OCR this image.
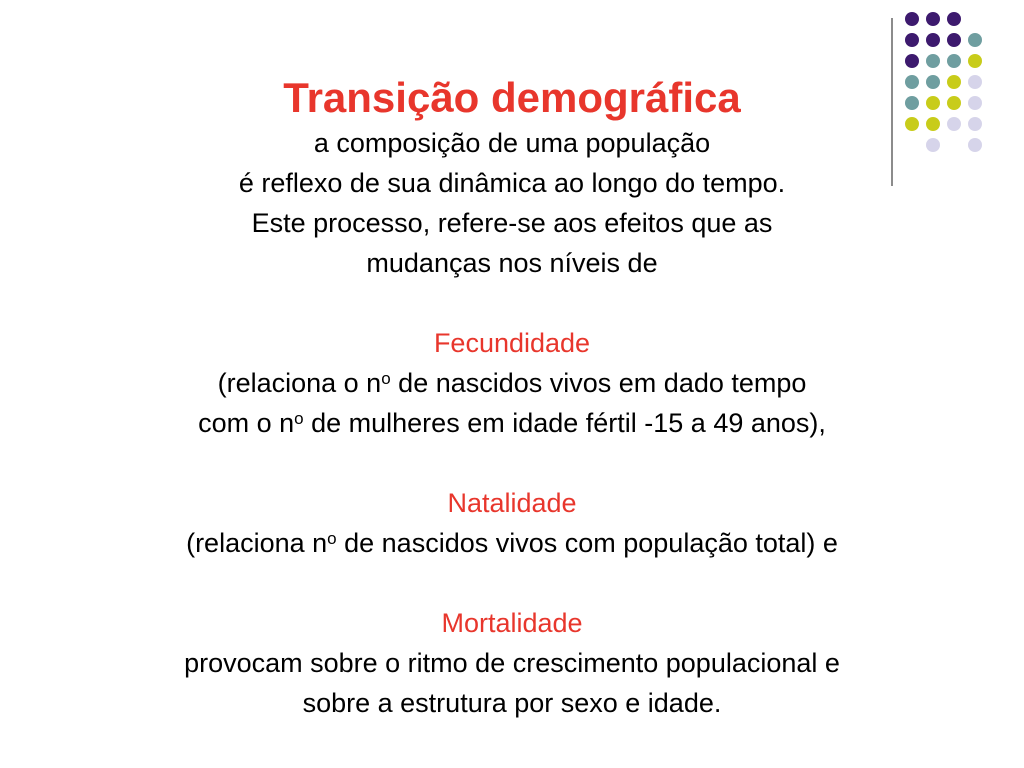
Transição demográfica

a composição de uma população

é reflexo de sua dinâmica ao longo do tempo.

Este processo, refere-se aos efeitos que as

mudanças nos níveis de

Fecundidade

(relaciona o $n^o$ de nascidos vivos em dado tempo

com o $n^o$ de mulheres em idade fértil -15 a 49 anos),

Natalidade

(relaciona $n^o$ de nascidos vivos com população total) e

Mortalidade

provocam sobre o ritmo de crescimento populacional e

sobre a estrutura por sexo e idade.
